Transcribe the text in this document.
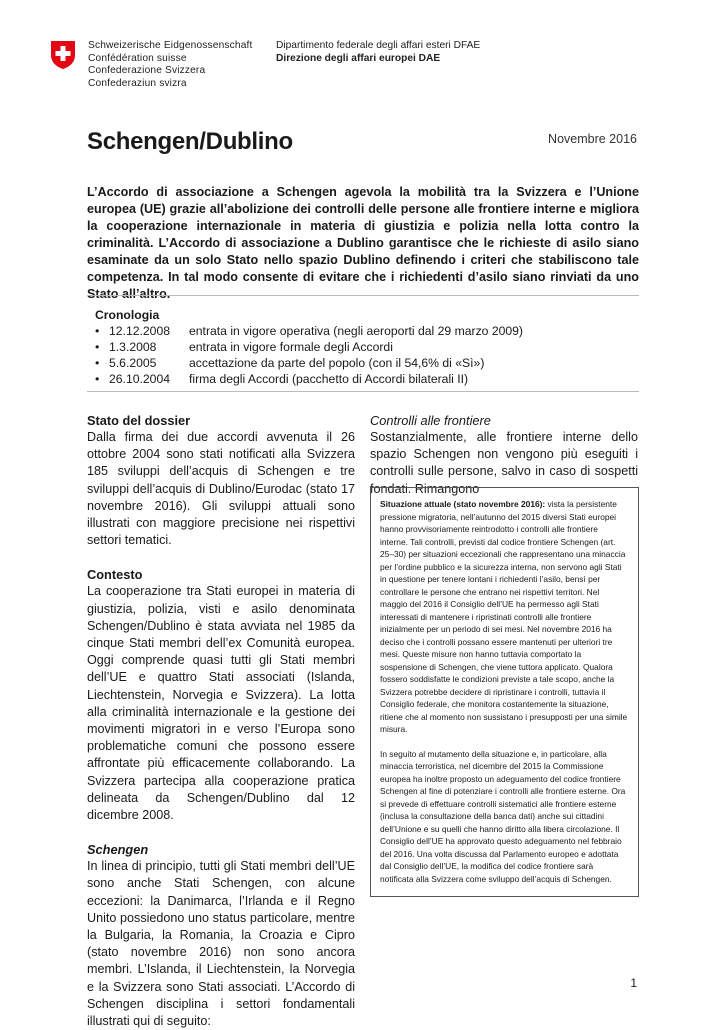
Schweizerische Eidgenossenschaft
Confédération suisse
Confederazione Svizzera
Confederaziun svizra
Dipartimento federale degli affari esteri DFAE
Direzione degli affari europei DAE
Schengen/Dublino	Novembre 2016

L’Accordo di associazione a Schengen agevola la mobilità tra la Svizzera e l’Unione europea (UE) grazie all’abolizione dei controlli delle persone alle frontiere interne e migliora la cooperazione internazionale in materia di giustizia e polizia nella lotta contro la criminalità. L’Accordo di associazione a Dublino garantisce che le richieste di asilo siano esaminate da un solo Stato nello spazio Dublino definendo i criteri che stabiliscono tale competenza. In tal modo consente di evitare che i richiedenti d’asilo siano rinviati da uno Stato all’altro.

Cronologia
• 12.12.2008 entrata in vigore operativa (negli aeroporti dal 29 marzo 2009)
• 1.3.2008	entrata in vigore formale degli Accordi
• 5.6.2005	accettazione da parte del popolo (con il 54,6% di «Sì»)
• 26.10.2004 firma degli Accordi (pacchetto di Accordi bilaterali II)
Stato del dossier

Dalla firma dei due accordi avvenuta il 26 ottobre 2004 sono stati notificati alla Svizzera 185 sviluppi dell’acquis di Schengen e tre sviluppi dell’acquis di Dublino/Eurodac (stato 17 novembre 2016). Gli sviluppi attuali sono illustrati con maggiore precisione nei rispettivi settori tematici.

Contesto

La cooperazione tra Stati europei in materia di giustizia, polizia, visti e asilo denominata Schengen/Dublino è stata avviata nel 1985 da cinque Stati membri dell’ex Comunità europea. Oggi comprende quasi tutti gli Stati membri dell’UE e quattro Stati associati (Islanda, Liechtenstein, Norvegia e Svizzera). La lotta alla criminalità internazionale e la gestione dei movimenti migratori in e verso l’Europa sono problematiche comuni che possono essere affrontate più efficacemente collaborando. La Svizzera partecipa alla cooperazione pratica delineata da Schengen/Dublino dal 12 dicembre 2008.

Schengen

In linea di principio, tutti gli Stati membri dell’UE sono anche Stati Schengen, con alcune eccezioni: la Danimarca, l’Irlanda e il Regno Unito possiedono uno status particolare, mentre la Bulgaria, la Romania, la Croazia e Cipro (stato novembre 2016) non sono ancora membri. L’Islanda, il Liechtenstein, la Norvegia e la Svizzera sono Stati associati. L’Accordo di Schengen disciplina i settori fondamentali illustrati qui di seguito:

Controlli alle frontiere

Sostanzialmente, alle frontiere interne dello spazio Schengen non vengono più eseguiti i controlli sulle persone, salvo in caso di sospetti fondati. Rimangono

Situazione attuale (stato novembre 2016): vista la persistente pressione migratoria, nell’autunno del 2015 diversi Stati europei hanno provvisoriamente reintrodotto i controlli alle frontiere interne. Tali controlli, previsti dal codice frontiere Schengen (art. 25–30) per situazioni eccezionali che rappresentano una minaccia per l’ordine pubblico e la sicurezza interna, non servono agli Stati in questione per tenere lontani i richiedenti l’asilo, bensì per controllare le persone che entrano nei rispettivi territori. Nel maggio del 2016 il Consiglio dell’UE ha permesso agli Stati interessati di mantenere i ripristinati controlli alle frontiere inizialmente per un periodo di sei mesi. Nel novembre 2016 ha deciso che i controlli possano essere mantenuti per ulteriori tre mesi. Queste misure non hanno tuttavia comportato la sospensione di Schengen, che viene tuttora applicato. Qualora fossero soddisfatte le condizioni previste a tale scopo, anche la Svizzera potrebbe decidere di ripristinare i controlli, tuttavia il Consiglio federale, che monitora costantemente la situazione, ritiene che al momento non sussistano i presupposti per una simile misura.

In seguito al mutamento della situazione e, in particolare, alla minaccia terroristica, nel dicembre del 2015 la Commissione europea ha inoltre proposto un adeguamento del codice frontiere Schengen al fine di potenziare i controlli alle frontiere esterne. Ora si prevede di effettuare controlli sistematici alle frontiere esterne (inclusa la consultazione della banca dati) anche sui cittadini dell’Unione e su quelli che hanno diritto alla libera circolazione. Il Consiglio dell’UE ha approvato questo adeguamento nel febbraio del 2016. Una volta discussa dal Parlamento europeo e adottata dal Consiglio dell’UE, la modifica del codice frontiere sarà notificata alla Svizzera come sviluppo dell’acquis di Schengen.

1
